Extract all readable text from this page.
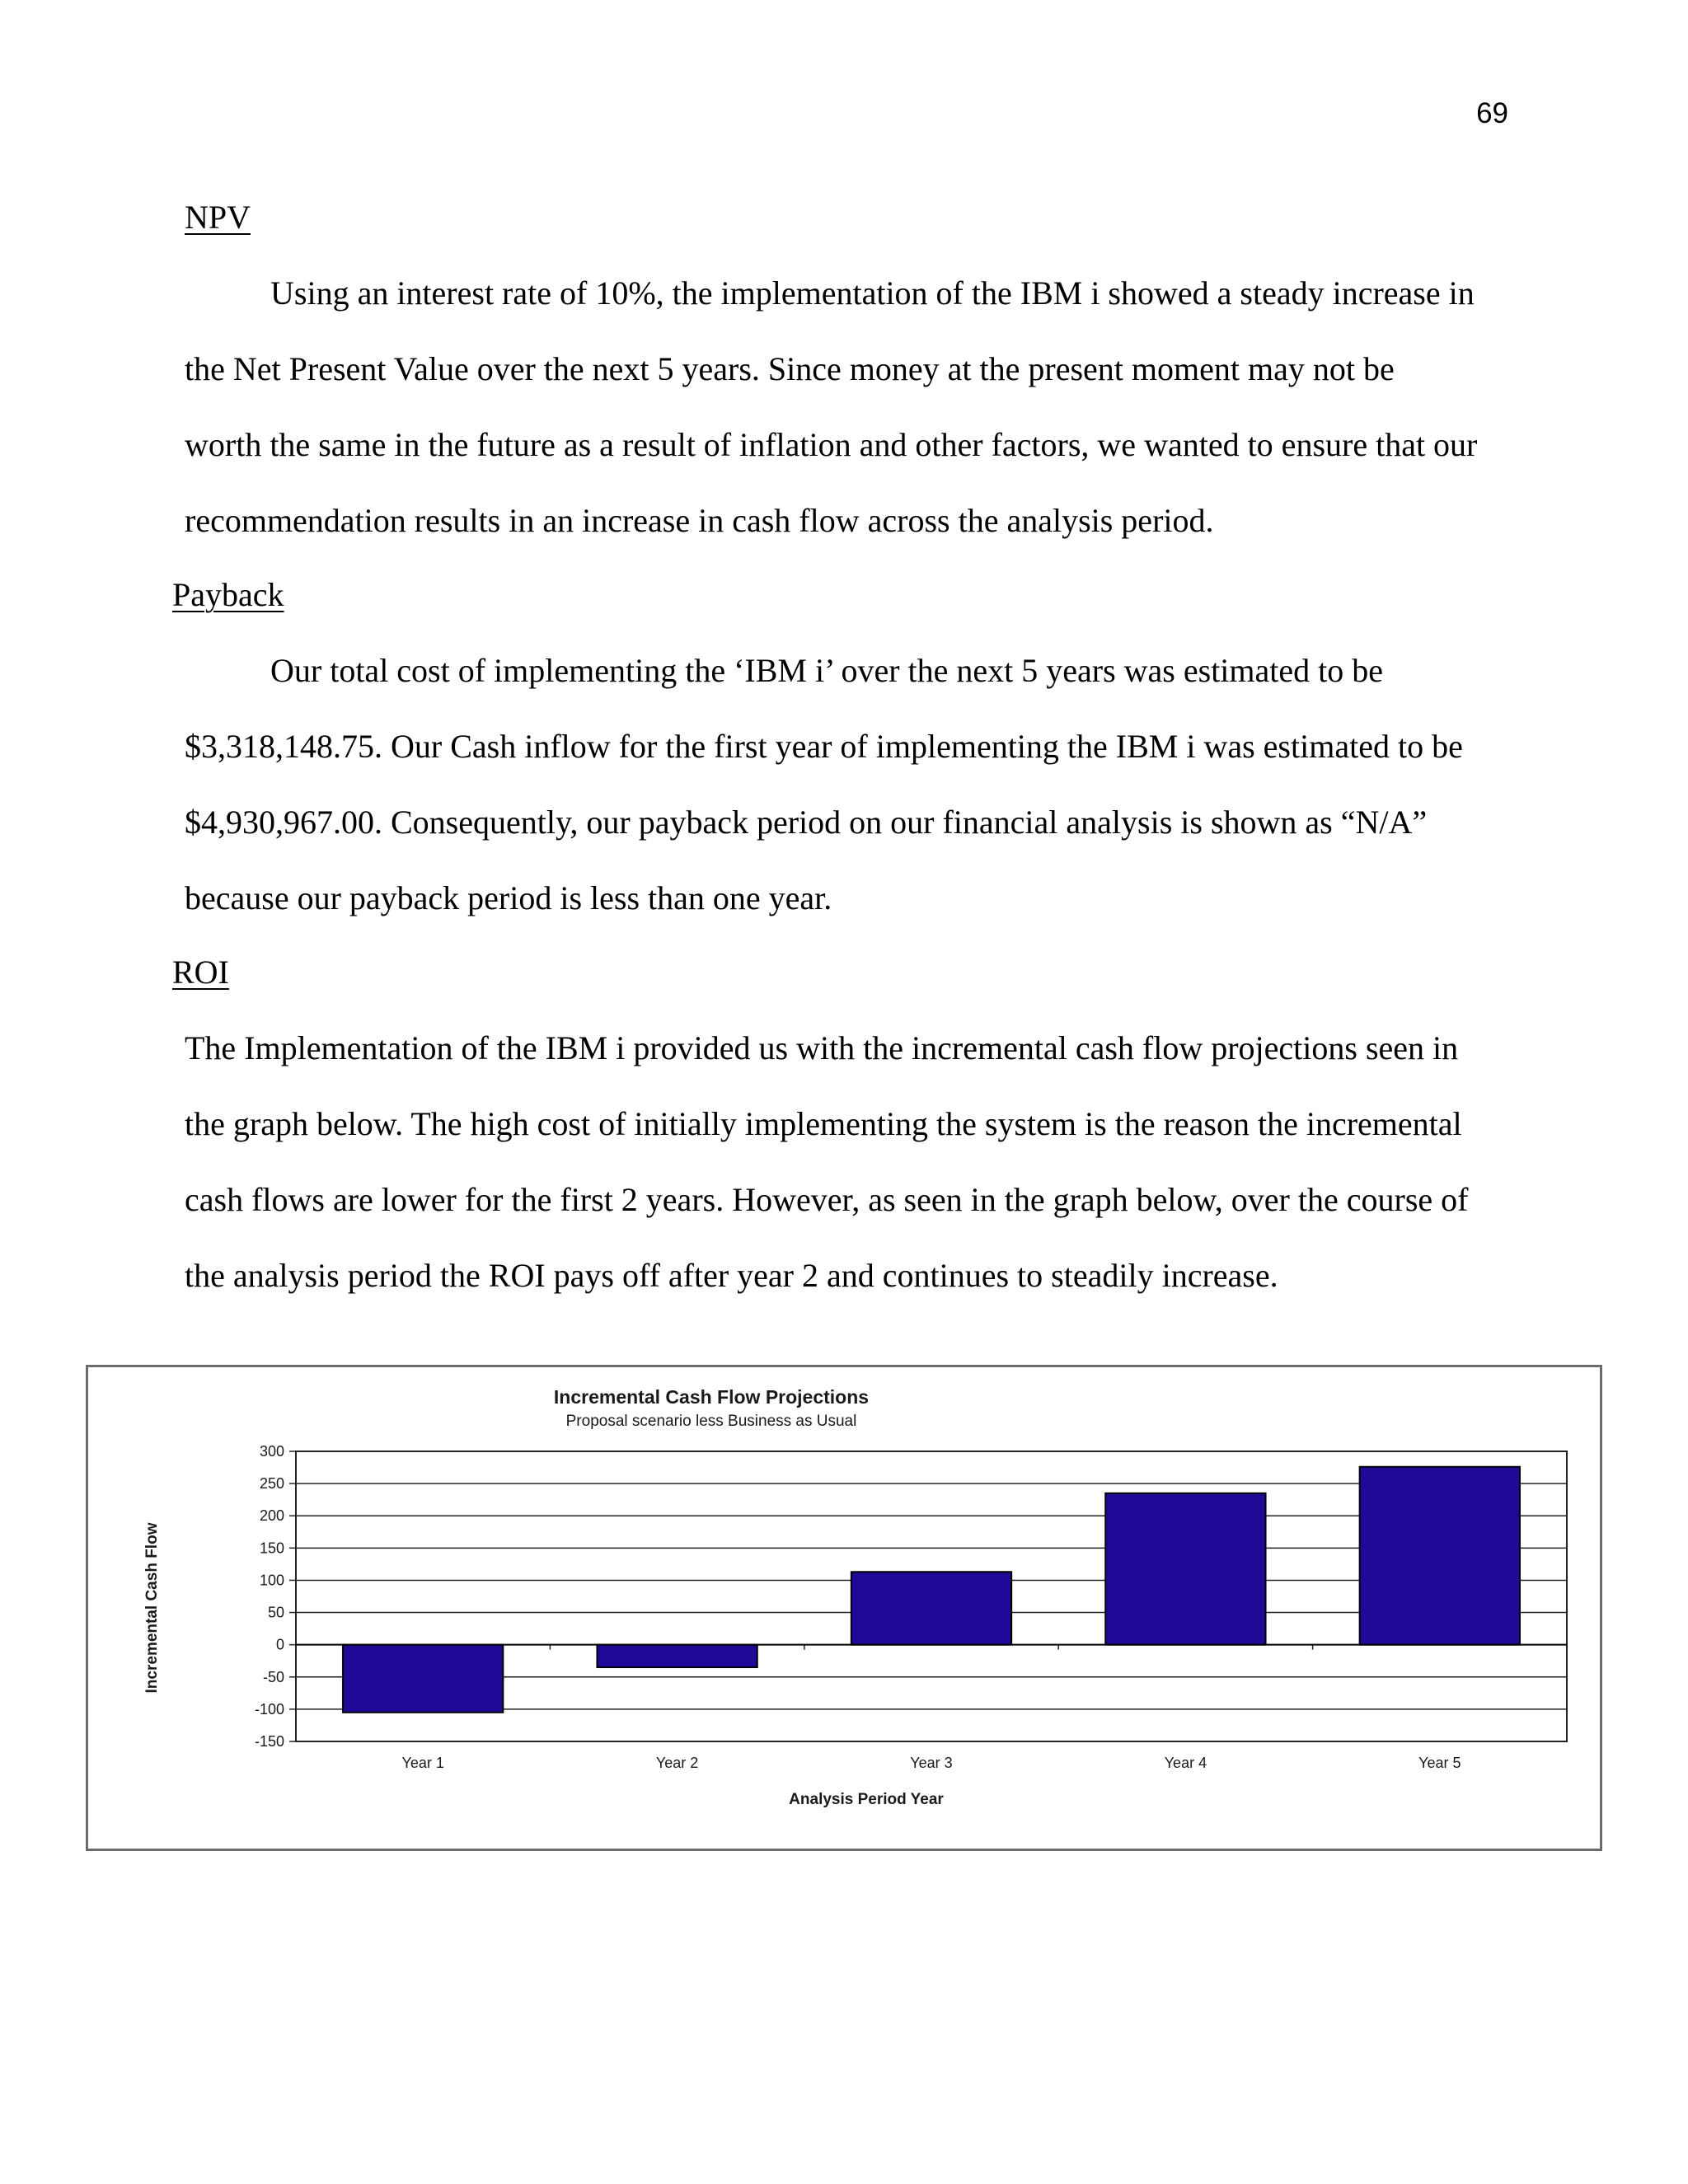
69
NPV
Using an interest rate of 10%, the implementation of the IBM i showed a steady increase in
the Net Present Value over the next 5 years. Since money at the present moment may not be
worth the same in the future as a result of inflation and other factors, we wanted to ensure that our
recommendation results in an increase in cash flow across the analysis period.
Payback
Our total cost of implementing the ‘IBM i’ over the next 5 years was estimated to be
$3,318,148.75. Our Cash inflow for the first year of implementing the IBM i was estimated to be
$4,930,967.00. Consequently, our payback period on our financial analysis is shown as “N/A”
because our payback period is less than one year.
ROI
The Implementation of the IBM i provided us with the incremental cash flow projections seen in
the graph below. The high cost of initially implementing the system is the reason the incremental
cash flows are lower for the first 2 years. However, as seen in the graph below, over the course of
the analysis period the ROI pays off after year 2 and continues to steadily increase.
Incremental Cash Flow Projections
Proposal scenario less Business as Usual
Incremental Cash Flow
Analysis Period Year
300
250
200
150
100
50
0
-50
-100
-150
Year 1	Year 2	Year 3	Year 4	Year 5
